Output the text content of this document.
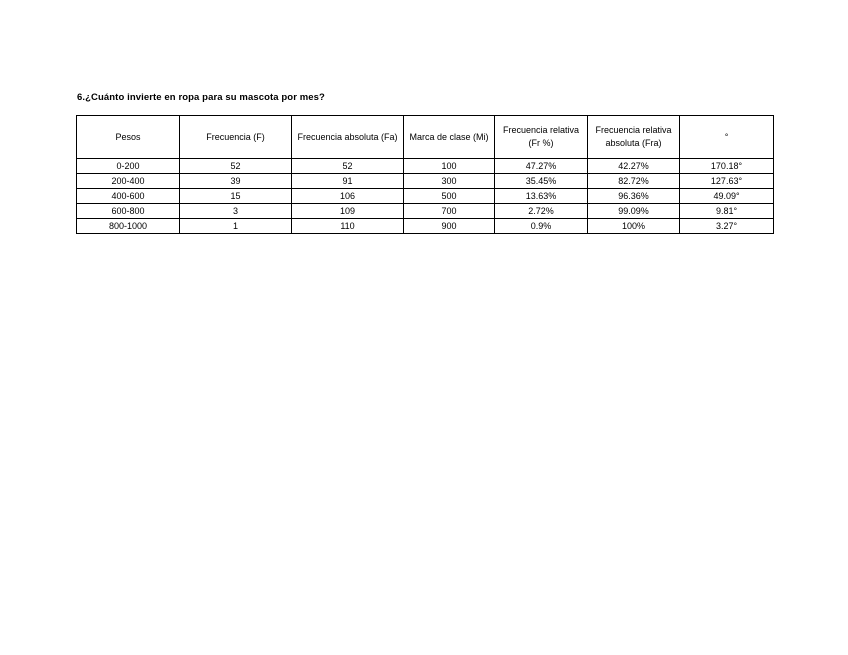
6.¿Cuánto invierte en ropa para su mascota por mes?
Pesos	Frecuencia (F)	Frecuencia absoluta (Fa)	Marca de clase (Mi)	Frecuencia relativa (Fr %)	Frecuencia relativa absoluta (Fra)	°
0-200	52	52	100	47.27%	42.27%	170.18°
200-400	39	91	300	35.45%	82.72%	127.63°
400-600	15	106	500	13.63%	96.36%	49.09°
600-800	3	109	700	2.72%	99.09%	9.81°
800-1000	1	110	900	0.9%	100%	3.27°
